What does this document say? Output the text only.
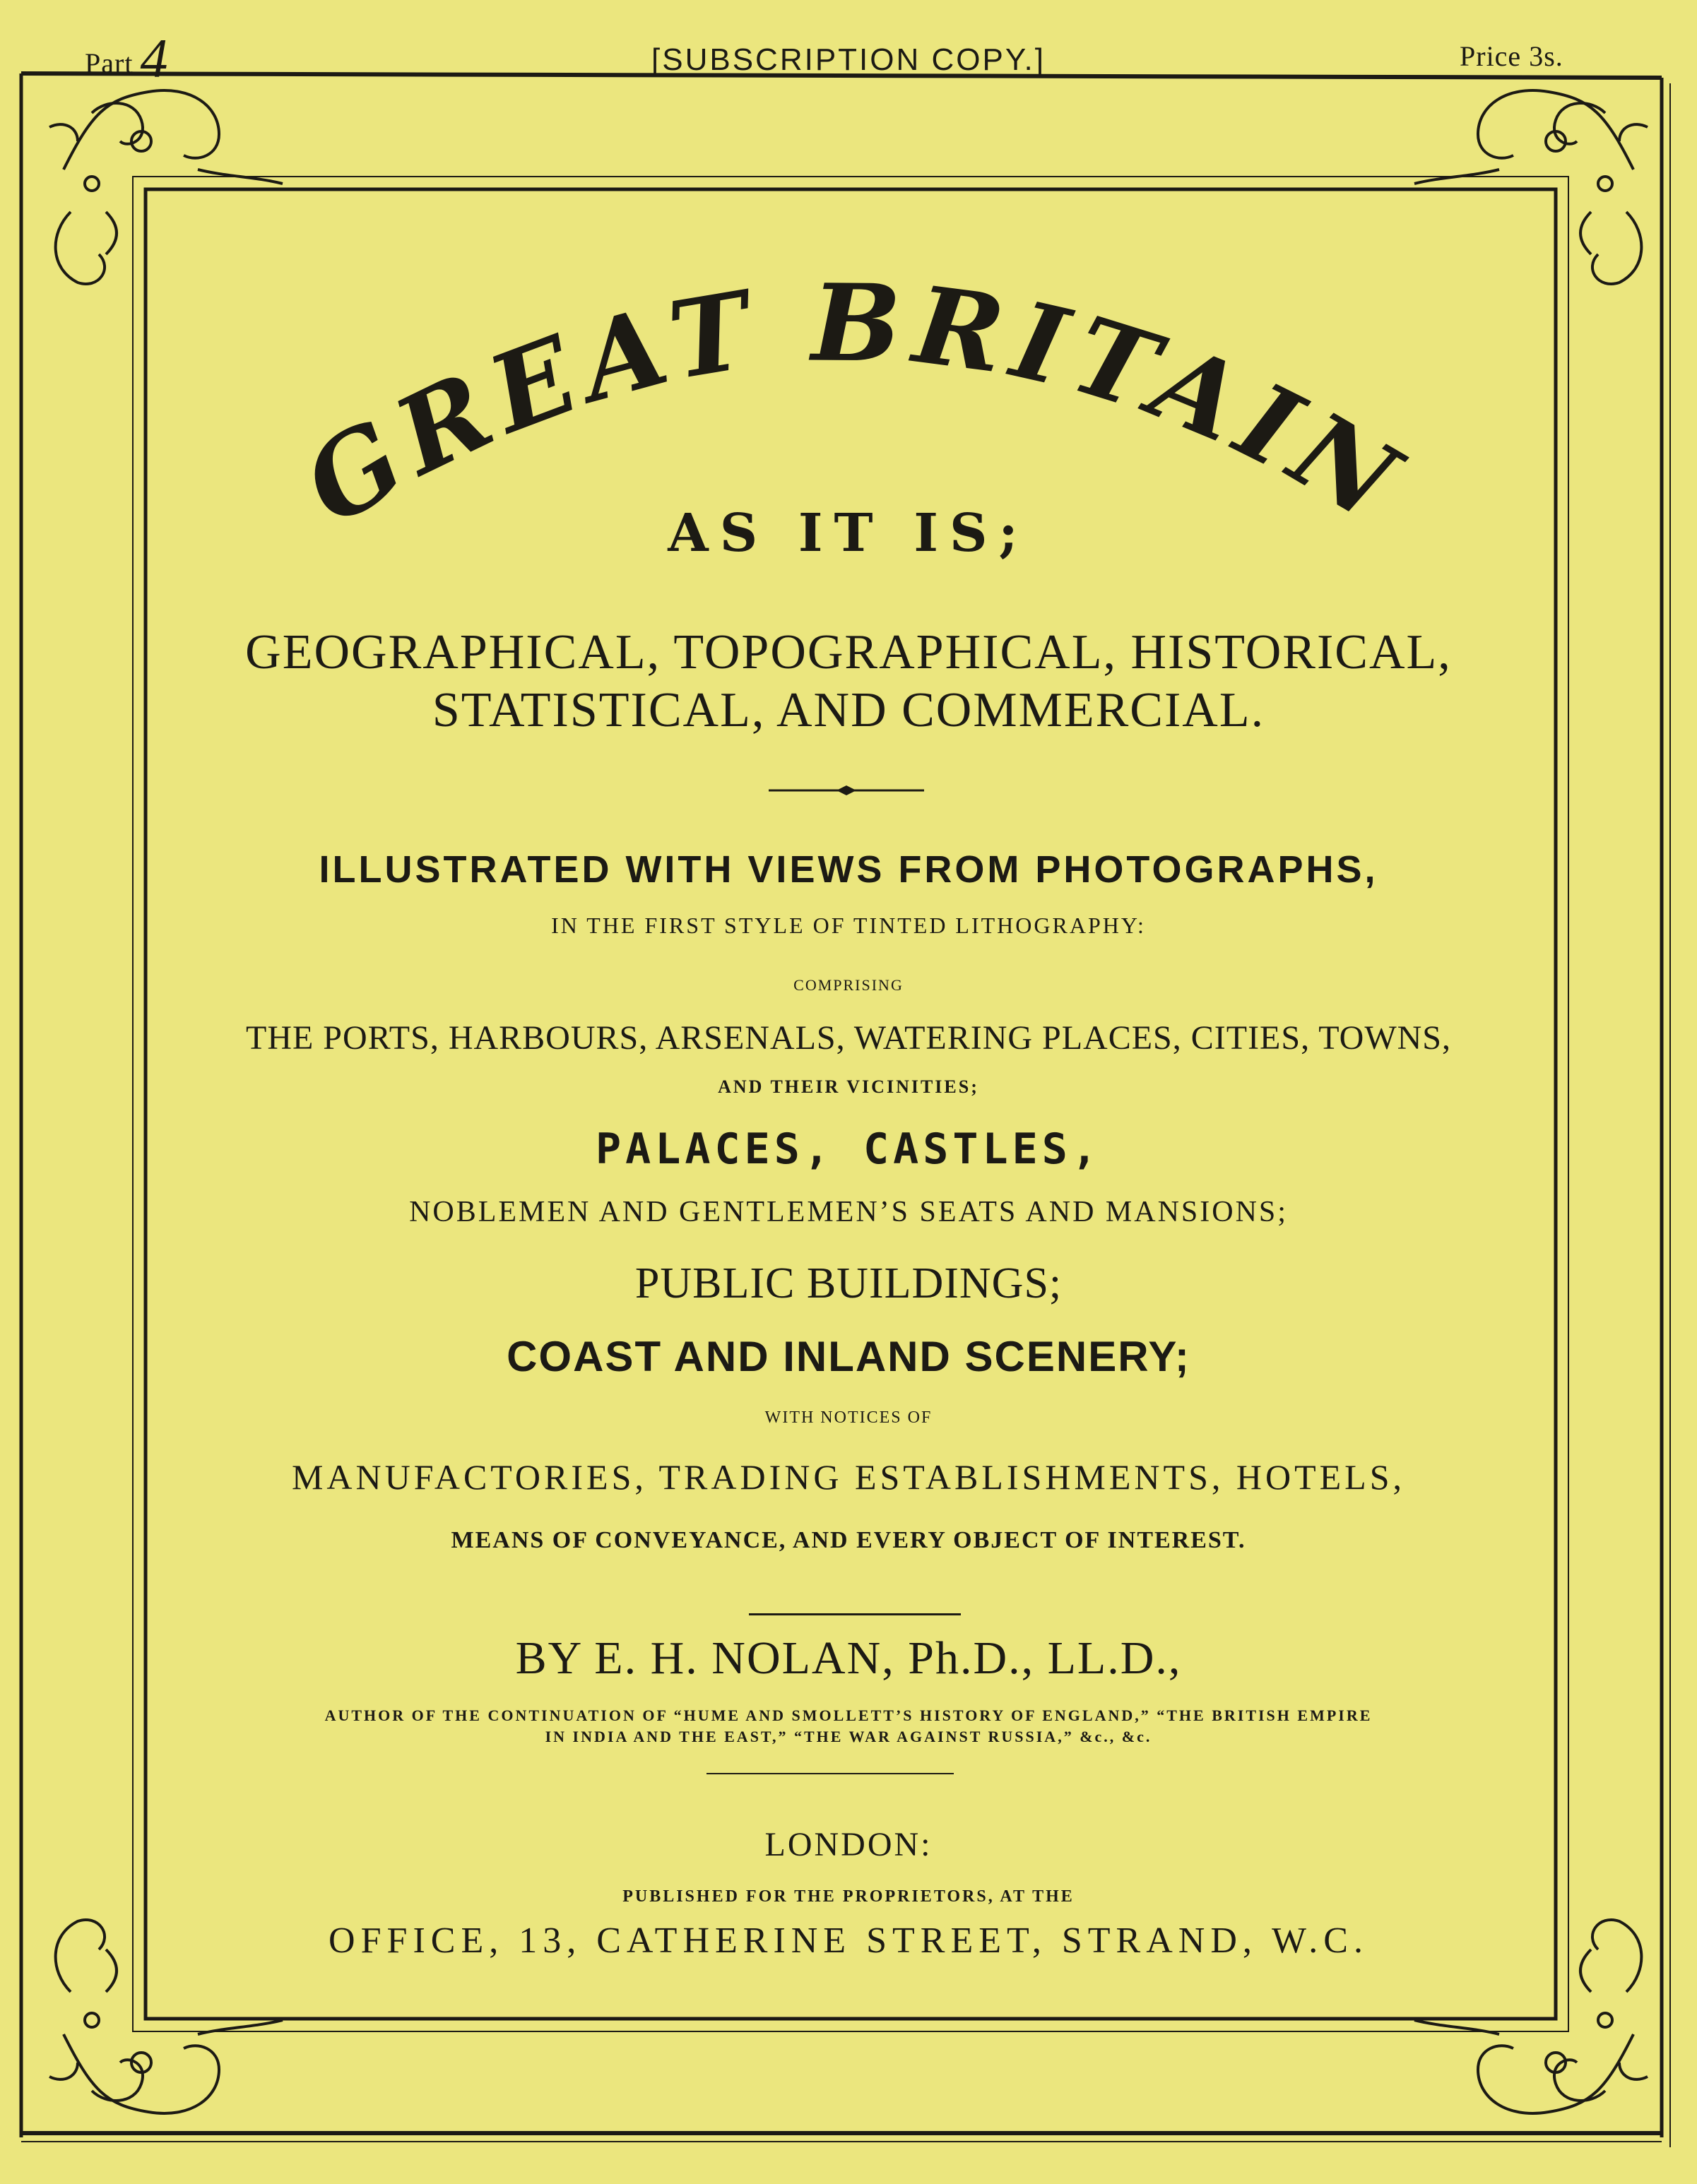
Part 4	[SUBSCRIPTION COPY.]	Price 3s.
GREAT BRITAIN
AS IT IS;
GEOGRAPHICAL, TOPOGRAPHICAL, HISTORICAL,
STATISTICAL, AND COMMERCIAL.
ILLUSTRATED WITH VIEWS FROM PHOTOGRAPHS,
IN THE FIRST STYLE OF TINTED LITHOGRAPHY:
COMPRISING
THE PORTS, HARBOURS, ARSENALS, WATERING PLACES, CITIES, TOWNS,
AND THEIR VICINITIES;
PALACES, CASTLES,
NOBLEMEN AND GENTLEMEN’S SEATS AND MANSIONS;
PUBLIC BUILDINGS;
COAST AND INLAND SCENERY;
WITH NOTICES OF
MANUFACTORIES, TRADING ESTABLISHMENTS, HOTELS,
MEANS OF CONVEYANCE, AND EVERY OBJECT OF INTEREST.
BY E. H. NOLAN, Ph.D., LL.D.,
AUTHOR OF THE CONTINUATION OF “HUME AND SMOLLETT’S HISTORY OF ENGLAND,” “THE BRITISH EMPIRE
IN INDIA AND THE EAST,” “THE WAR AGAINST RUSSIA,” &c., &c.
LONDON:
PUBLISHED FOR THE PROPRIETORS, AT THE
OFFICE, 13, CATHERINE STREET, STRAND, W.C.
